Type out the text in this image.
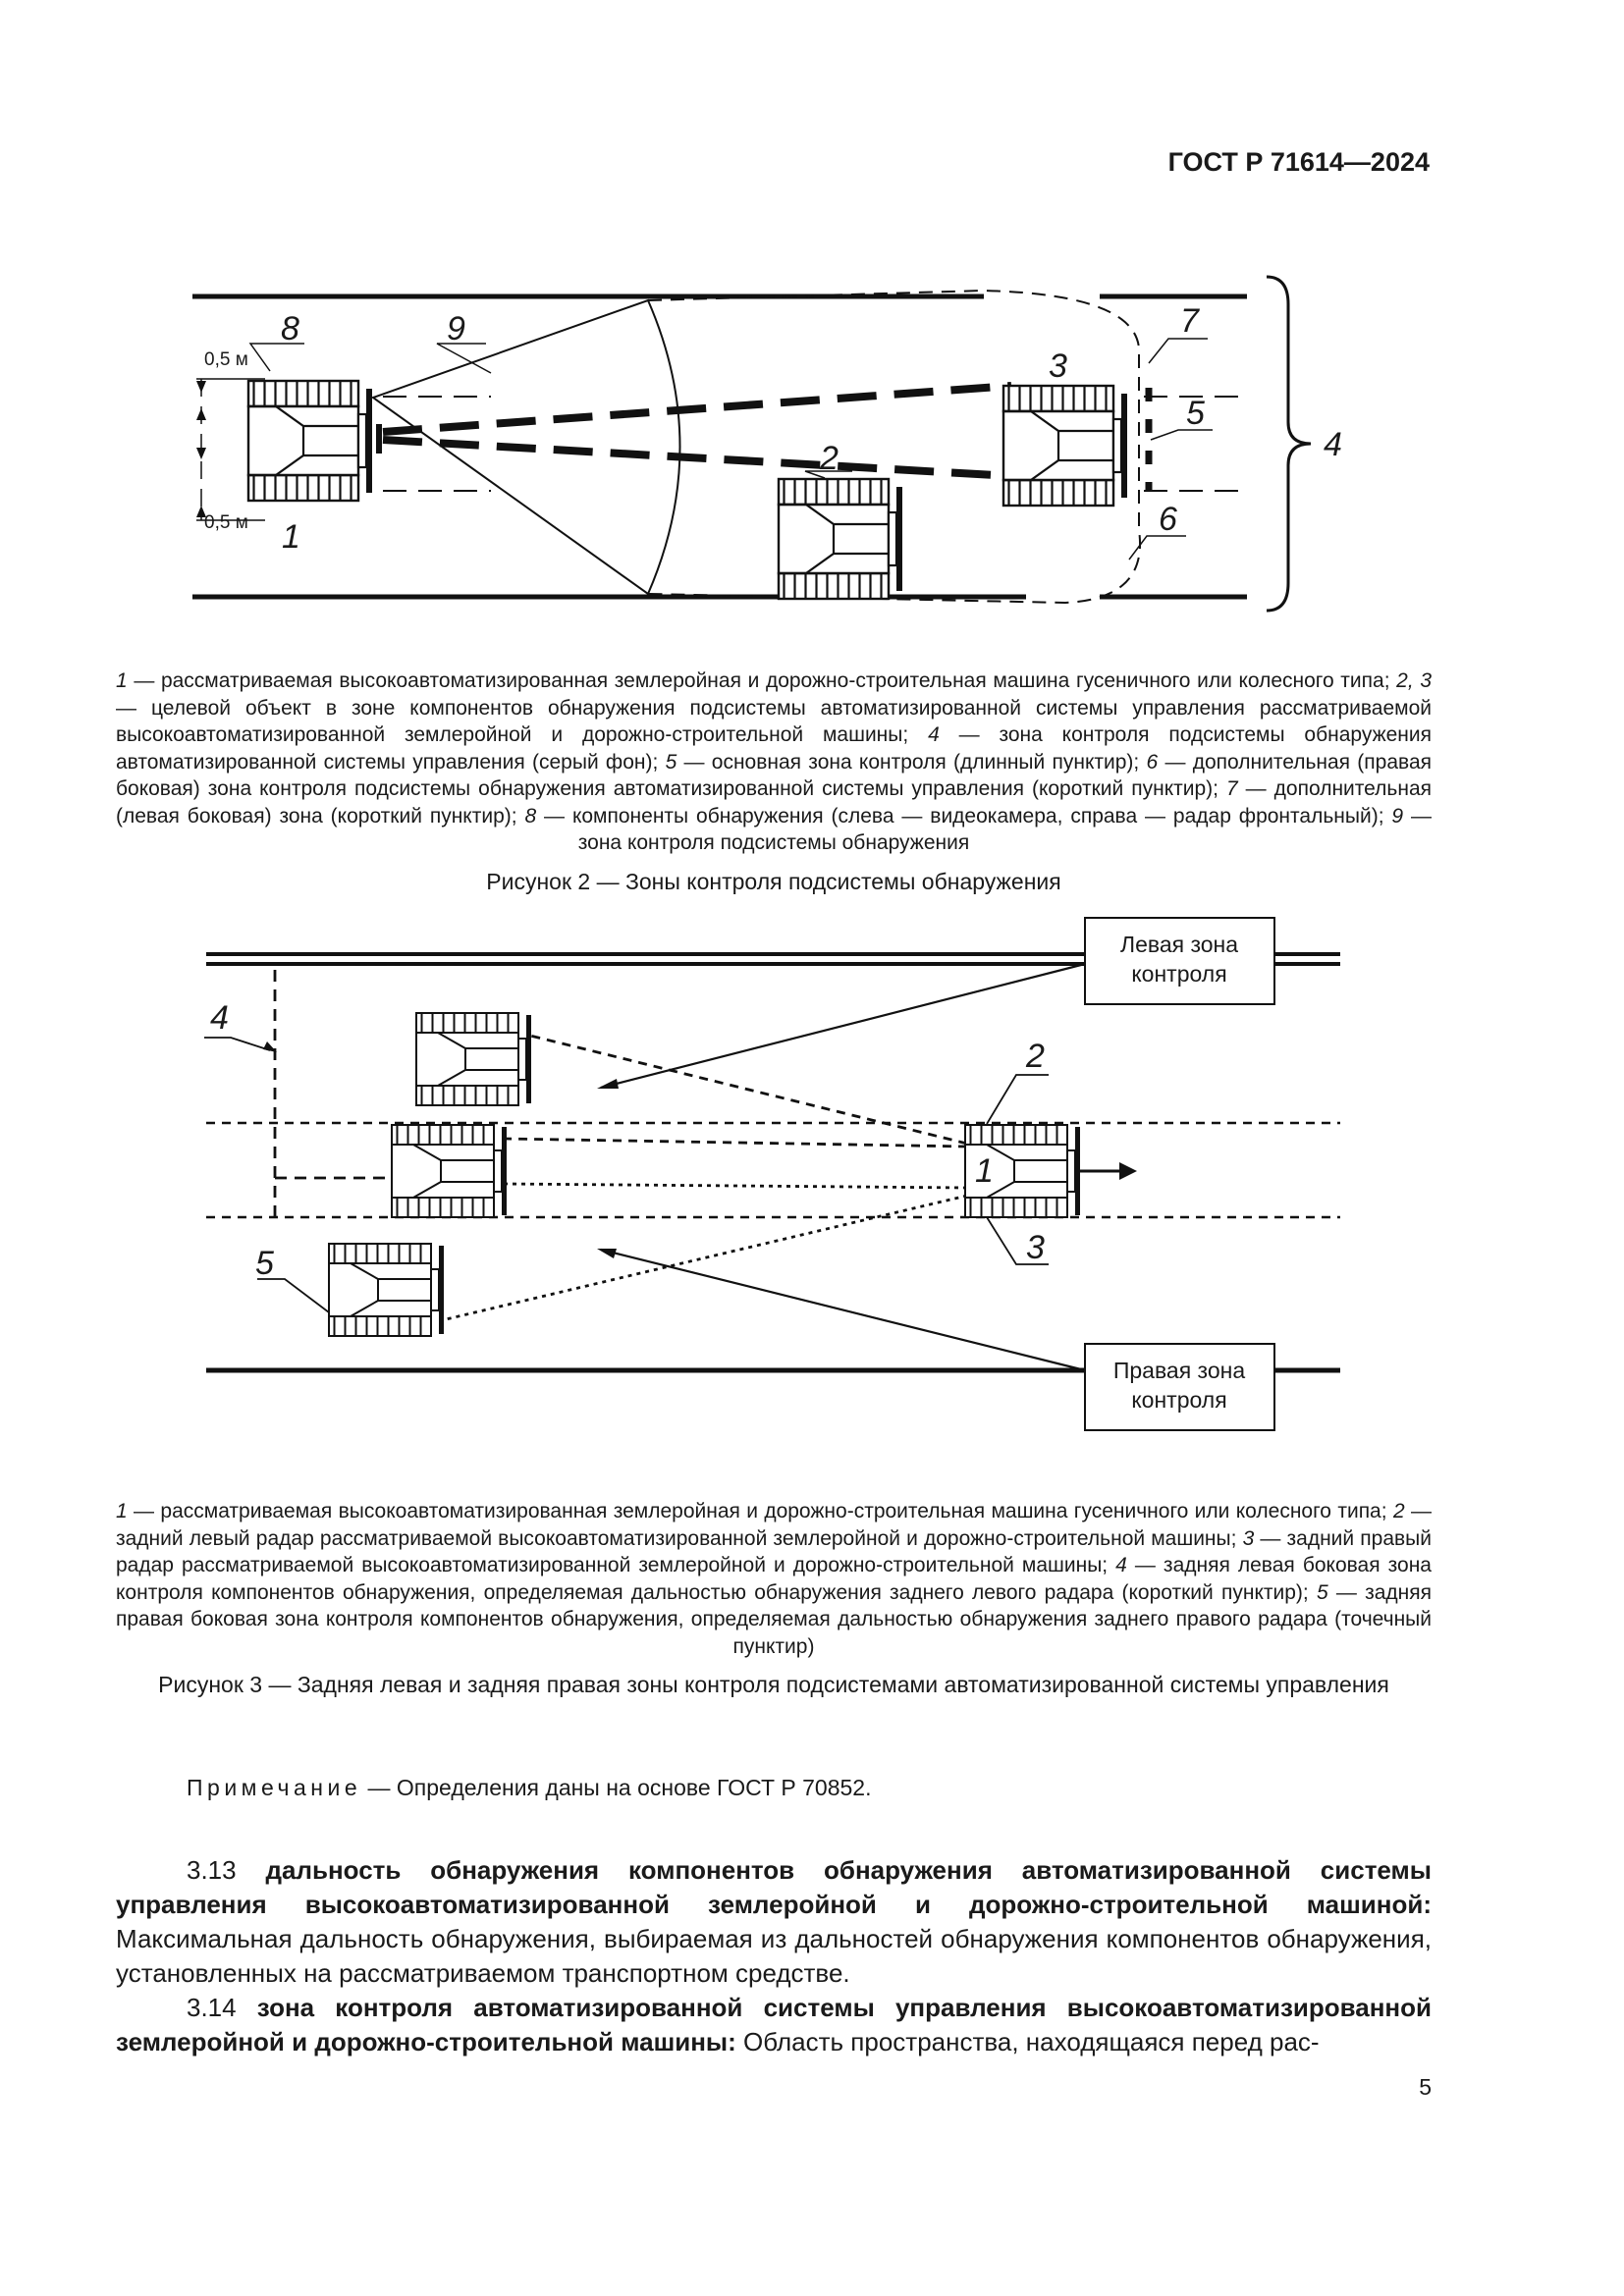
ГОСТ Р 71614—2024
0,5 м
0,5 м
8	9
3
7
5
6
4
2
1

1 — рассматриваемая высокоавтоматизированная землеройная и дорожно-строительная машина гусеничного или колесного типа; 2, 3 — целевой объект в зоне компонентов обнаружения подсистемы автоматизированной системы управления рассматриваемой высокоавтоматизированной землеройной и дорожно-строительной машины; 4 — зона контроля подсистемы обнаружения автоматизированной системы управления (серый фон); 5 — основная зона контроля (длинный пунктир); 6 — дополнительная (правая боковая) зона контроля подсистемы обнаружения автоматизированной системы управления (короткий пунктир); 7 — дополнительная (левая боковая) зона (короткий пунктир); 8 — компоненты обнаружения (слева — видеокамера, справа — радар фронтальный); 9 — зона контроля подсистемы обнаружения

Рисунок 2 — Зоны контроля подсистемы обнаружения
Левая зона
контроля
Правая зона
контроля
4
5
2
3
1

1 — рассматриваемая высокоавтоматизированная землеройная и дорожно-строительная машина гусеничного или колесного типа; 2 — задний левый радар рассматриваемой высокоавтоматизированной землеройной и дорожно-строительной машины; 3 — задний правый радар рассматриваемой высокоавтоматизированной землеройной и дорожно-строительной машины; 4 — задняя левая боковая зона контроля компонентов обнаружения, определяемая дальностью обнаружения заднего левого радара (короткий пунктир); 5 — задняя правая боковая зона контроля компонентов обнаружения, определяемая дальностью обнаружения заднего правого радара (точечный пунктир)

Рисунок 3 — Задняя левая и задняя правая зоны контроля подсистемами автоматизированной системы управления
Примечание — Определения даны на основе ГОСТ Р 70852.

3.13 дальность обнаружения компонентов обнаружения автоматизированной системы управления высокоавтоматизированной землеройной и дорожно-строительной машиной: Максимальная дальность обнаружения, выбираемая из дальностей обнаружения компонентов обнаружения, установленных на рассматриваемом транспортном средстве.

3.14 зона контроля автоматизированной системы управления высокоавтоматизированной землеройной и дорожно-строительной машины: Область пространства, находящаяся перед рас-

5
